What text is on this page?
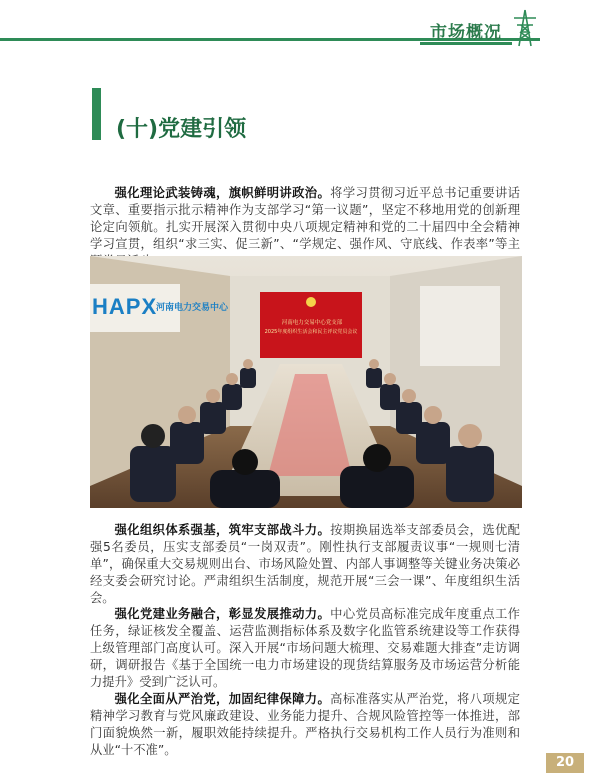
市场概况
(十)党建引领

强化理论武装铸魂，旗帜鲜明讲政治。将学习贯彻习近平总书记重要讲话文章、重要指示批示精神作为支部学习“第一议题”，坚定不移地用党的创新理论定向领航。扎实开展深入贯彻中央八项规定精神和党的二十届四中全会精神学习宣贯，组织“求三实、促三新”、“学规定、强作风、守底线、作表率”等主

HAPX
河南电力交易中心
河南电力交易中心党支部
2025年度组织生活会和民主评议党员会议

强化组织体系强基，筑牢支部战斗力。按期换届选举支部委员会，选优配强5名委员，压实支部委员“一岗双责”。刚性执行支部履责议事“一规则七清单”，确保重大交易规则出台、市场风险处置、内部人事调整等关键业务决策必经支委会研究讨论。严肃组织生活制度，规范开展“三会一课”、年度组织生活会。

强化党建业务融合，彰显发展推动力。中心党员高标准完成年度重点工作任务，绿证核发全覆盖、运营监测指标体系及数字化监管系统建设等工作获得上级管理部门高度认可。深入开展“市场问题大梳理、交易难题大排查”走访调研，调研报告《基于全国统一电力市场建设的现货结算服务及市场运营分析能力提升》受到广泛认可。

强化全面从严治党，加固纪律保障力。高标准落实从严治党，将八项规定精神学习教育与党风廉政建设、业务能力提升、合规风险管控等一体推进，部门面貌焕然一新，履职效能持续提升。严格执行交易机构工作人员行为准则和从业“十不准”。

20
